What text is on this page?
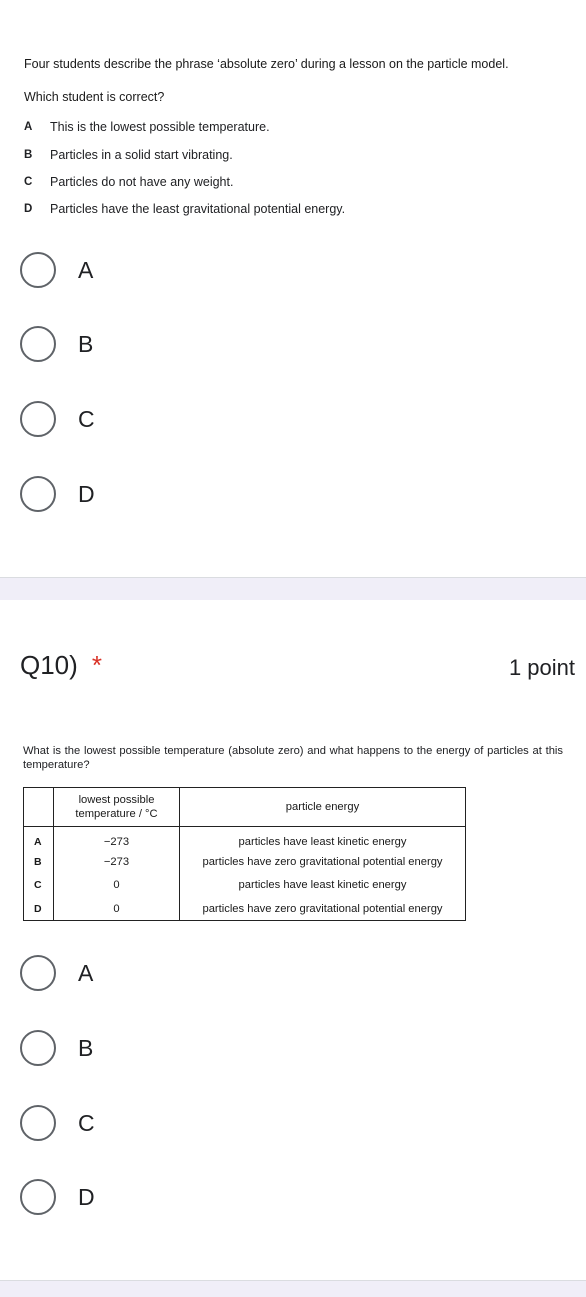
Four students describe the phrase ‘absolute zero’ during a lesson on the particle model.
Which student is correct?
A	This is the lowest possible temperature.
B	Particles in a solid start vibrating.
C	Particles do not have any weight.
D	Particles have the least gravitational potential energy.
A
B
C
D
Q10) *	1 point
What is the lowest possible temperature (absolute zero) and what happens to the energy of particles at this temperature?
	lowest possible temperature / °C	particle energy
A	−273	particles have least kinetic energy
B	−273	particles have zero gravitational potential energy
C	0	particles have least kinetic energy
D	0	particles have zero gravitational potential energy
A
B
C
D
